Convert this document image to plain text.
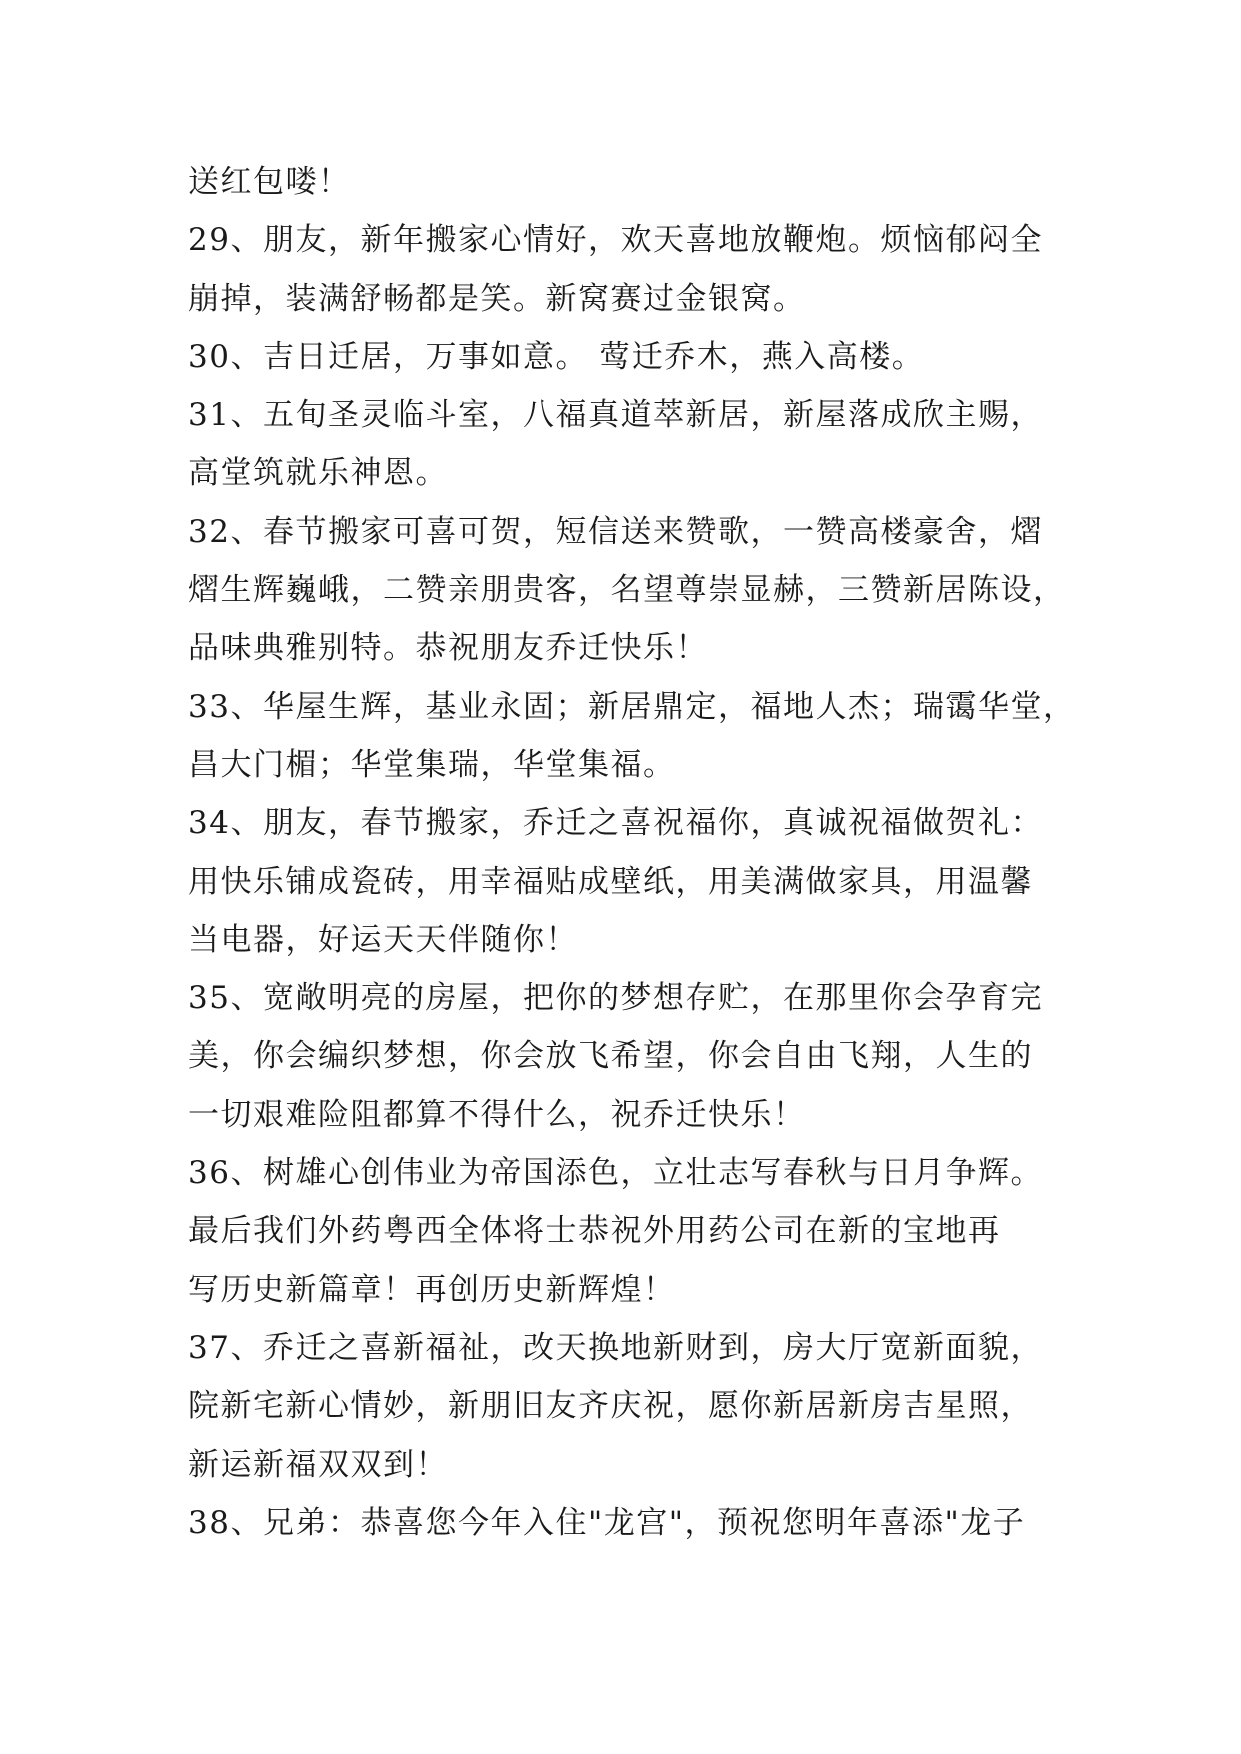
送红包喽！
29、朋友，新年搬家心情好，欢天喜地放鞭炮。烦恼郁闷全
崩掉，装满舒畅都是笑。新窝赛过金银窝。
30、吉日迁居，万事如意。 莺迁乔木，燕入高楼。
31、五旬圣灵临斗室，八福真道萃新居，新屋落成欣主赐，
高堂筑就乐神恩。
32、春节搬家可喜可贺，短信送来赞歌，一赞高楼豪舍，熠
熠生辉巍峨，二赞亲朋贵客，名望尊崇显赫，三赞新居陈设，
品味典雅别特。恭祝朋友乔迁快乐！
33、华屋生辉，基业永固；新居鼎定，福地人杰；瑞霭华堂，
昌大门楣；华堂集瑞，华堂集福。
34、朋友，春节搬家，乔迁之喜祝福你，真诚祝福做贺礼：
用快乐铺成瓷砖，用幸福贴成壁纸，用美满做家具，用温馨
当电器，好运天天伴随你！
35、宽敞明亮的房屋，把你的梦想存贮，在那里你会孕育完
美，你会编织梦想，你会放飞希望，你会自由飞翔，人生的
一切艰难险阻都算不得什么，祝乔迁快乐！
36、树雄心创伟业为帝国添色，立壮志写春秋与日月争辉。
最后我们外药粤西全体将士恭祝外用药公司在新的宝地再
写历史新篇章！再创历史新辉煌！
37、乔迁之喜新福祉，改天换地新财到，房大厅宽新面貌，
院新宅新心情妙，新朋旧友齐庆祝，愿你新居新房吉星照，
新运新福双双到！
38、兄弟：恭喜您今年入住"龙宫"，预祝您明年喜添"龙子
